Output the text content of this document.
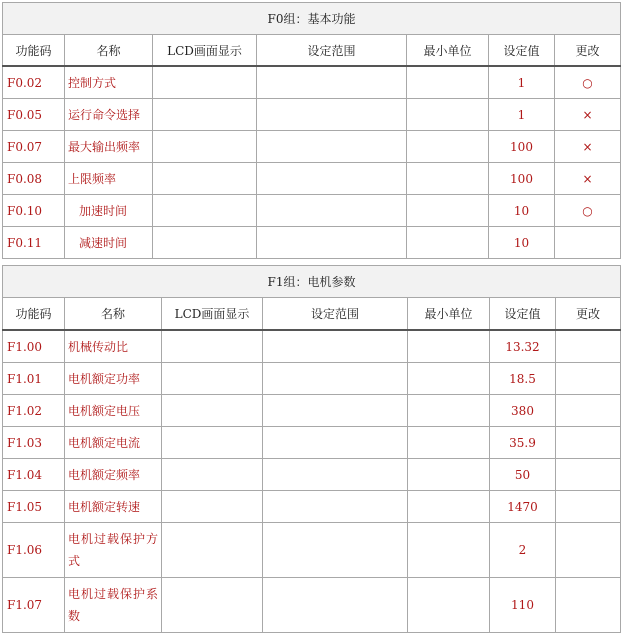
F0组：基本功能						
功能码	名称	LCD画面显示	设定范围	最小单位	设定值	更改
F0.02	控制方式				1	○
F0.05	运行命令选择				1	×
F0.07	最大输出频率				100	×
F0.08	上限频率				100	×
F0.10	加速时间				10	○
F0.11	减速时间				10	
F1组：电机参数						
功能码	名称	LCD画面显示	设定范围	最小单位	设定值	更改
F1.00	机械传动比				13.32	
F1.01	电机额定功率				18.5	
F1.02	电机额定电压				380	
F1.03	电机额定电流				35.9	
F1.04	电机额定频率				50	
F1.05	电机额定转速				1470	
F1.06	电机过载保护方式				2	
F1.07	电机过载保护系数				110	
